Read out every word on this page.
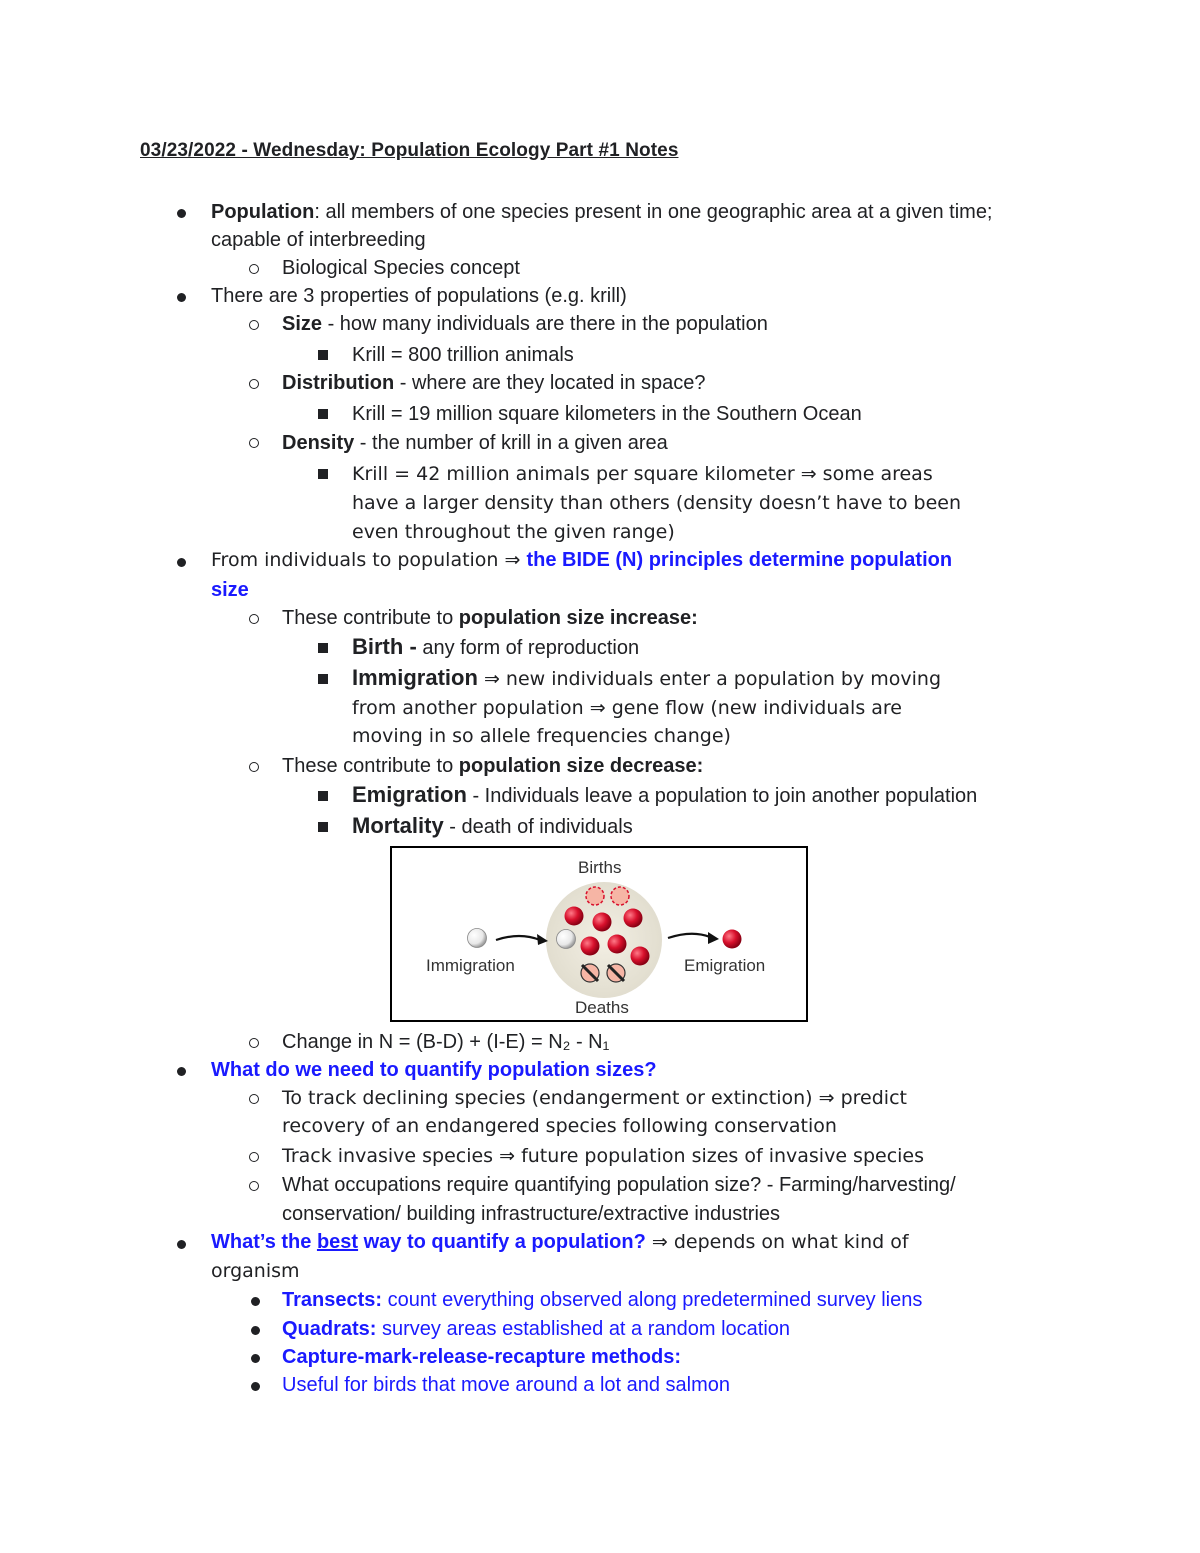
03/23/2022 - Wednesday: Population Ecology Part #1 Notes
Population: all members of one species present in one geographic area at a given time;
capable of interbreeding
Biological Species concept
There are 3 properties of populations (e.g. krill)
Size - how many individuals are there in the population
Krill = 800 trillion animals
Distribution - where are they located in space?
Krill = 19 million square kilometers in the Southern Ocean
Density - the number of krill in a given area
Krill = 42 million animals per square kilometer ⇒ some areas
have a larger density than others (density doesn’t have to been
even throughout the given range)
From individuals to population ⇒ the BIDE (N) principles determine population
size
These contribute to population size increase:
Birth - any form of reproduction
Immigration ⇒ new individuals enter a population by moving
from another population ⇒ gene flow (new individuals are
moving in so allele frequencies change)
These contribute to population size decrease:
Emigration - Individuals leave a population to join another population
Mortality - death of individuals
Births
Immigration	Emigration
Deaths
Change in N = (B-D) + (I-E) = N₂ - N₁
What do we need to quantify population sizes?
To track declining species (endangerment or extinction) ⇒ predict
recovery of an endangered species following conservation
Track invasive species ⇒ future population sizes of invasive species
What occupations require quantifying population size? - Farming/harvesting/
conservation/ building infrastructure/extractive industries
What’s the best way to quantify a population? ⇒ depends on what kind of
organism
Transects: count everything observed along predetermined survey liens
Quadrats: survey areas established at a random location
Capture-mark-release-recapture methods:
Useful for birds that move around a lot and salmon
